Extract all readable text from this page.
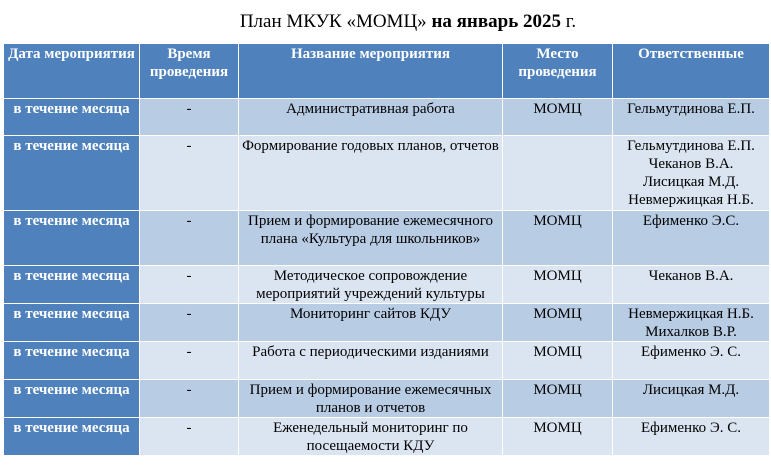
План МКУК «МОМЦ» на январь 2025 г.
Дата мероприятия	Время проведения	Название мероприятия	Место проведения	Ответственные
в течение месяца	-	Административная работа	МОМЦ	Гельмутдинова Е.П.

в течение месяца	-	Формирование годовых планов, отчетов		Гельмутдинова Е.П.
Чеканов В.А.
Лисицкая М.Д.
Невмержицкая Н.Б.

в течение месяца	-	Прием и формирование ежемесячного плана «Культура для школьников»	МОМЦ	Ефименко Э.С.

в течение месяца	-	Методическое сопровождение мероприятий учреждений культуры	МОМЦ	Чеканов В.А.

в течение месяца	-	Мониторинг сайтов КДУ	МОМЦ	Невмержицкая Н.Б.
Михалков В.Р.

в течение месяца	-	Работа с периодическими изданиями	МОМЦ	Ефименко Э. С.

в течение месяца	-	Прием и формирование ежемесячных планов и отчетов	МОМЦ	Лисицкая М.Д.

в течение месяца	-	Еженедельный мониторинг по посещаемости КДУ	МОМЦ	Ефименко Э. С.
